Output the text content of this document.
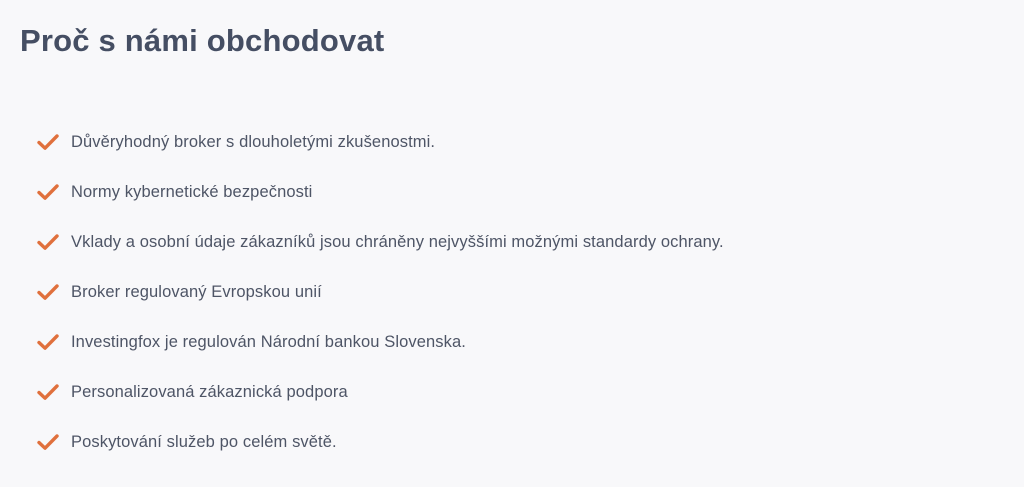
Proč s námi obchodovat
Důvěryhodný broker s dlouholetými zkušenostmi.
Normy kybernetické bezpečnosti
Vklady a osobní údaje zákazníků jsou chráněny nejvyššími možnými standardy ochrany.
Broker regulovaný Evropskou unií
Investingfox je regulován Národní bankou Slovenska.
Personalizovaná zákaznická podpora
Poskytování služeb po celém světě.
